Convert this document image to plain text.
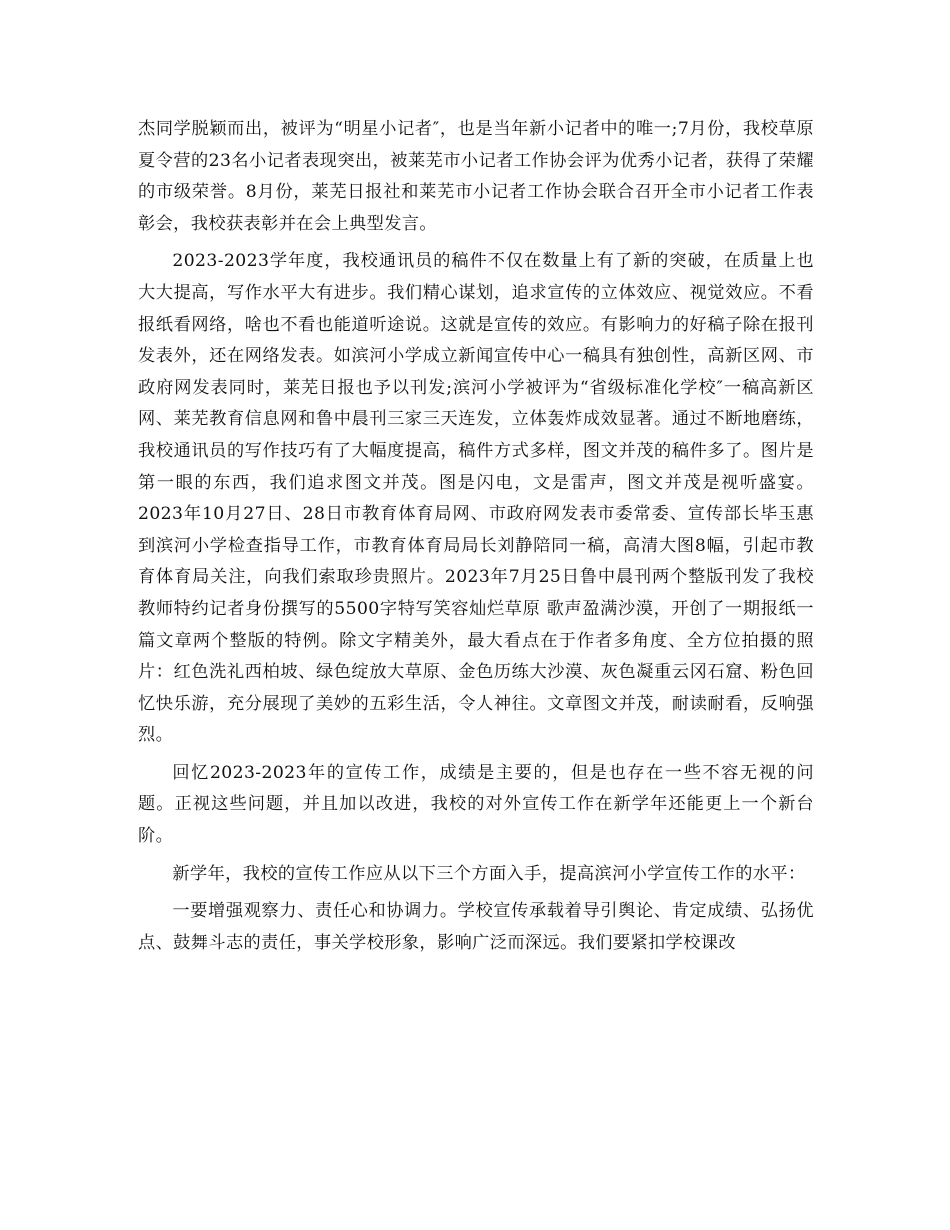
杰同学脱颖而出，被评为“明星小记者″，也是当年新小记者中的唯一;7月份，我校草原夏令营的23名小记者表现突出，被莱芜市小记者工作协会评为优秀小记者，获得了荣耀的市级荣誉。8月份，莱芜日报社和莱芜市小记者工作协会联合召开全市小记者工作表彰会，我校获表彰并在会上典型发言。

2023-2023学年度，我校通讯员的稿件不仅在数量上有了新的突破，在质量上也大大提高，写作水平大有进步。我们精心谋划，追求宣传的立体效应、视觉效应。不看报纸看网络，啥也不看也能道听途说。这就是宣传的效应。有影响力的好稿子除在报刊发表外，还在网络发表。如滨河小学成立新闻宣传中心一稿具有独创性，高新区网、市政府网发表同时，莱芜日报也予以刊发;滨河小学被评为“省级标准化学校″一稿高新区网、莱芜教育信息网和鲁中晨刊三家三天连发，立体轰炸成效显著。通过不断地磨练，我校通讯员的写作技巧有了大幅度提高，稿件方式多样，图文并茂的稿件多了。图片是第一眼的东西，我们追求图文并茂。图是闪电，文是雷声，图文并茂是视听盛宴。2023年10月27日、28日市教育体育局网、市政府网发表市委常委、宣传部长毕玉惠到滨河小学检查指导工作，市教育体育局局长刘静陪同一稿，高清大图8幅，引起市教育体育局关注，向我们索取珍贵照片。2023年7月25日鲁中晨刊两个整版刊发了我校教师特约记者身份撰写的5500字特写笑容灿烂草原 歌声盈满沙漠，开创了一期报纸一篇文章两个整版的特例。除文字精美外，最大看点在于作者多角度、全方位拍摄的照片：红色洗礼西柏坡、绿色绽放大草原、金色历练大沙漠、灰色凝重云冈石窟、粉色回忆快乐游，充分展现了美妙的五彩生活，令人神往。文章图文并茂，耐读耐看，反响强烈。

回忆2023-2023年的宣传工作，成绩是主要的，但是也存在一些不容无视的问题。正视这些问题，并且加以改进，我校的对外宣传工作在新学年还能更上一个新台阶。

新学年，我校的宣传工作应从以下三个方面入手，提高滨河小学宣传工作的水平：

一要增强观察力、责任心和协调力。学校宣传承载着导引舆论、肯定成绩、弘扬优点、鼓舞斗志的责任，事关学校形象，影响广泛而深远。我们要紧扣学校课改
